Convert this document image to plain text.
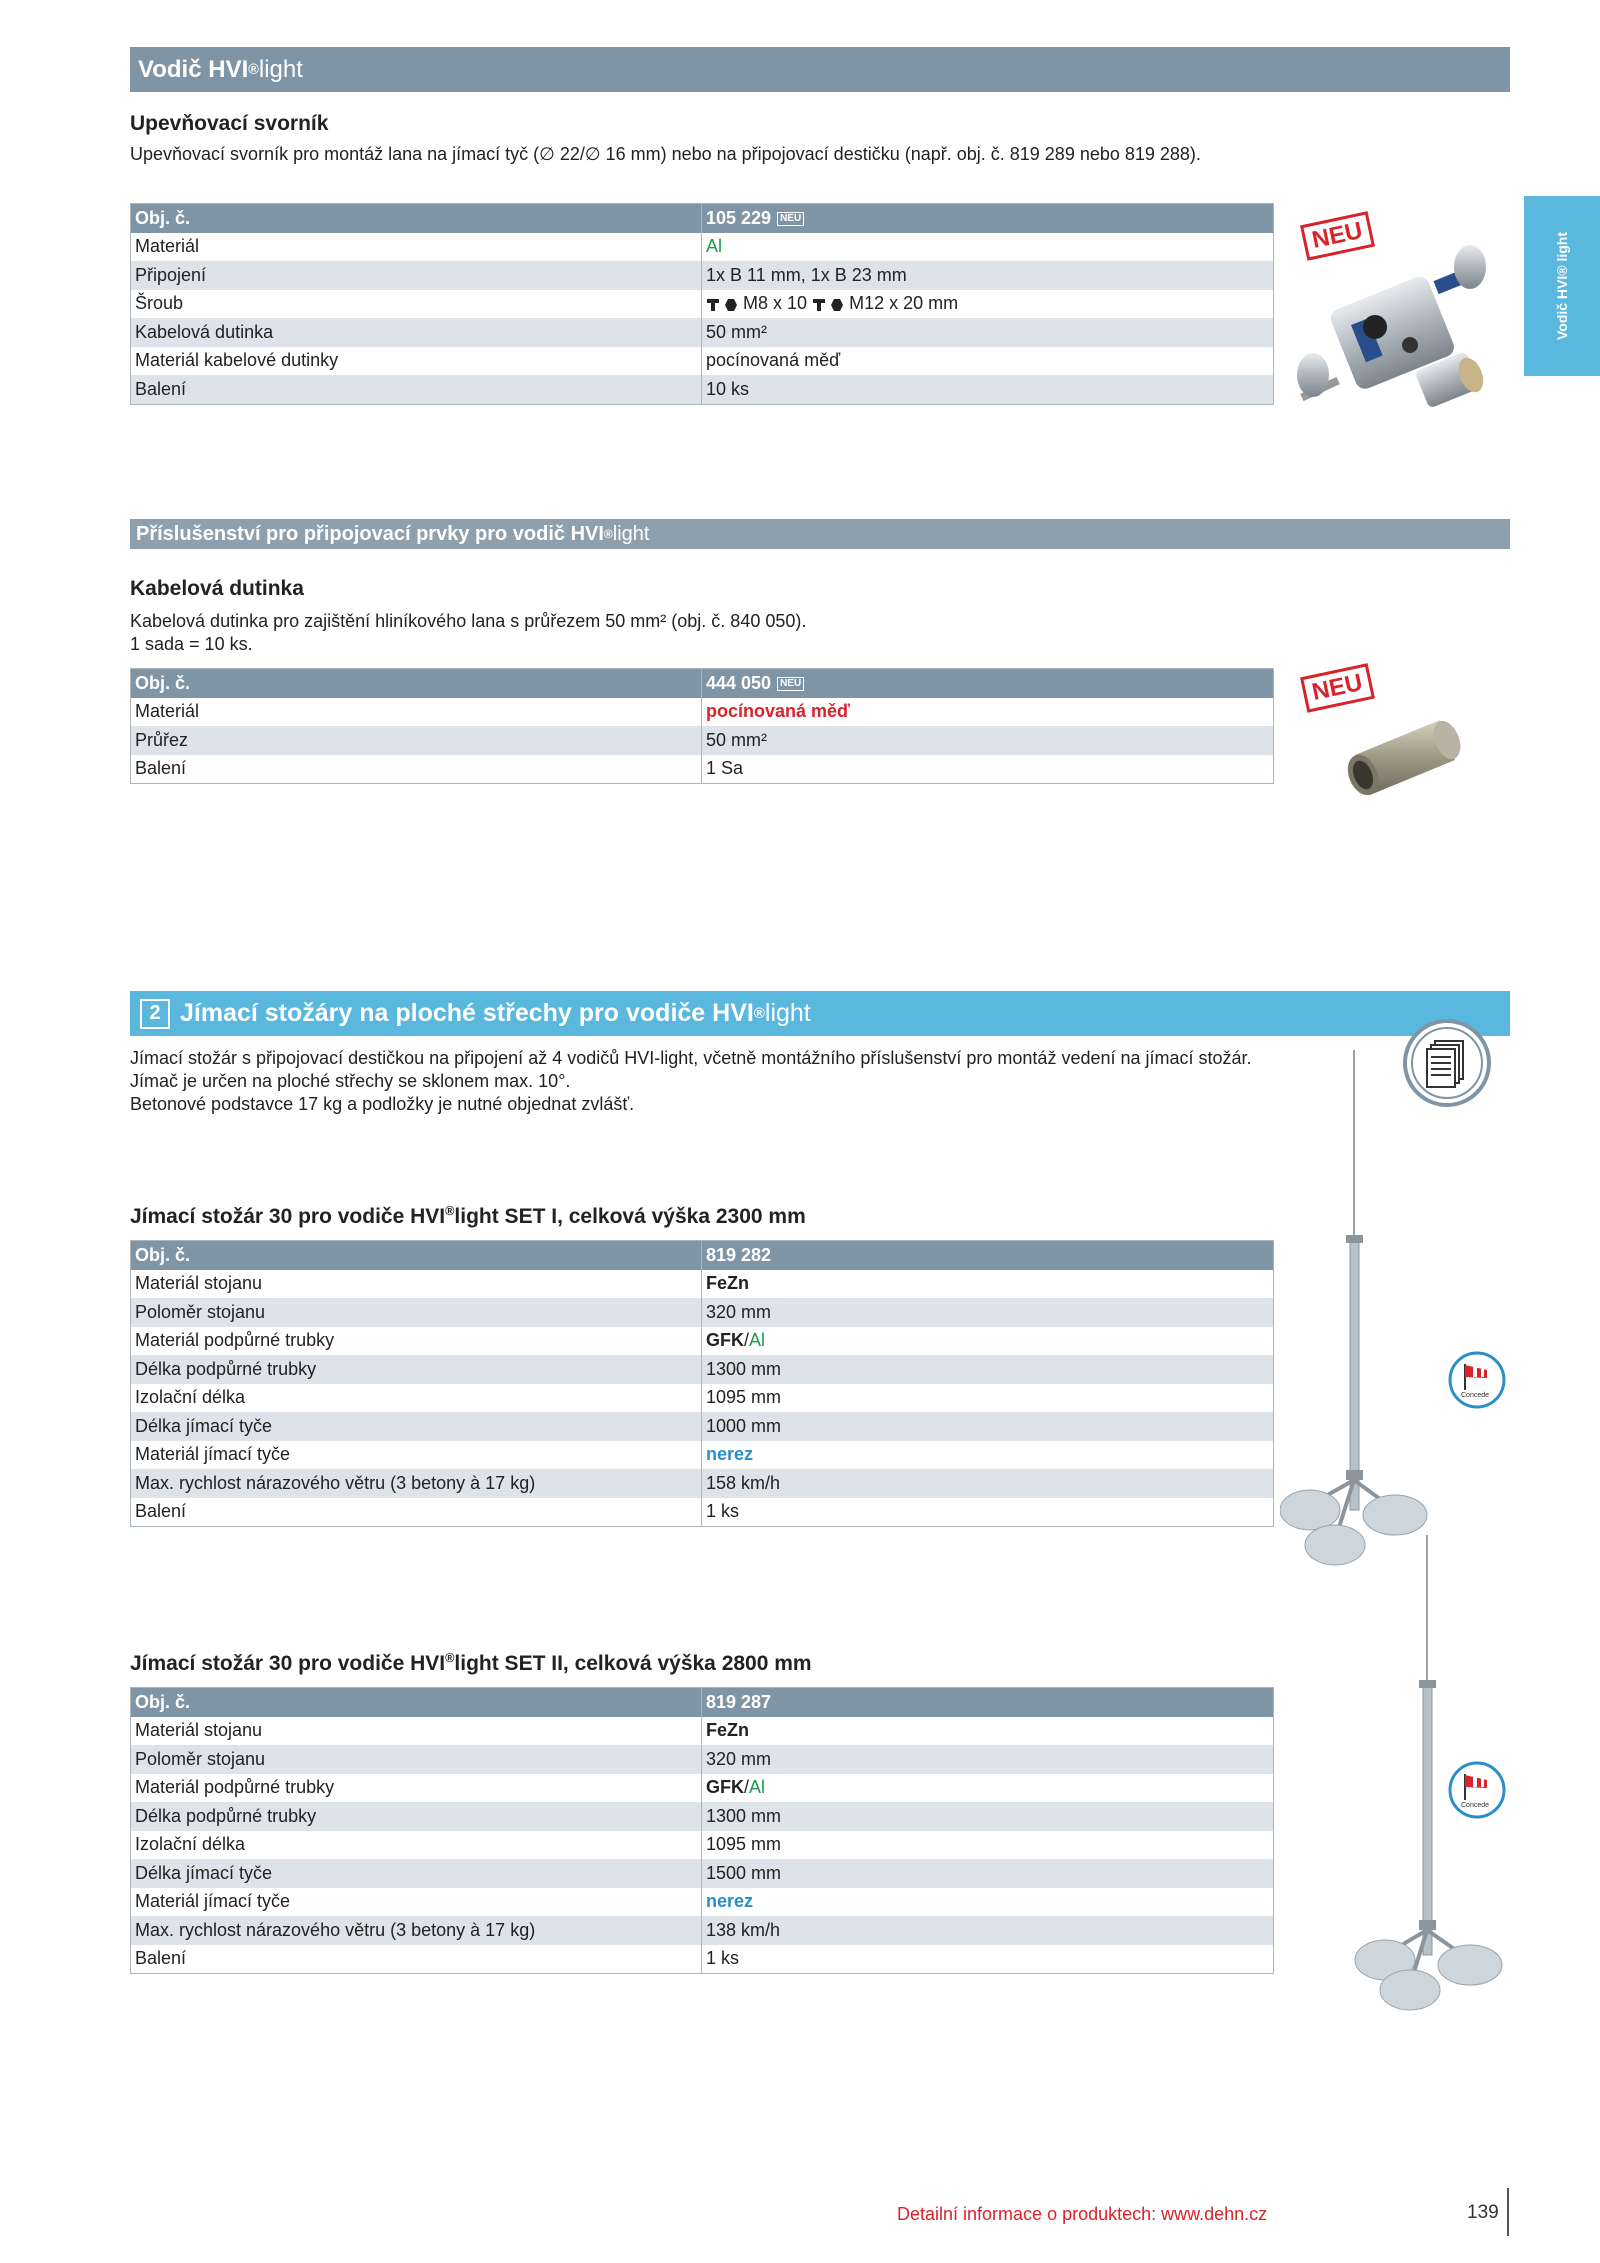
Vodič HVI ® light
Vodič HVI® light
Upevňovací svorník
Upevňovací svorník pro montáž lana na jímací tyč (∅ 22/∅ 16 mm) nebo na připojovací destičku (např. obj. č. 819 289 nebo 819 288).
Obj. č.	105 229 NEU
Materiál	Al
Připojení	1x B 11 mm, 1x B 23 mm
Šroub	M8 x 10 M12 x 20 mm
Kabelová dutinka	50 mm²
Materiál kabelové dutinky	pocínovaná měď
Balení	10 ks
NEU
Příslušenství pro připojovací prvky pro vodič HVI ® light
Kabelová dutinka
Kabelová dutinka pro zajištění hliníkového lana s průřezem 50 mm² (obj. č. 840 050).
1 sada = 10 ks.
Obj. č.	444 050 NEU
Materiál	pocínovaná měď
Průřez	50 mm²
Balení	1 Sa
NEU
2 Jímací stožáry na ploché střechy pro vodiče HVI ® light
Jímací stožár s připojovací destičkou na připojení až 4 vodičů HVI-light, včetně montážního příslušenství pro montáž vedení na jímací stožár.
Jímač je určen na ploché střechy se sklonem max. 10°.
Betonové podstavce 17 kg a podložky je nutné objednat zvlášť.
Jímací stožár 30 pro vodiče HVI®light SET I, celková výška 2300 mm
Obj. č.	819 282
Materiál stojanu	FeZn
Poloměr stojanu	320 mm
Materiál podpůrné trubky	GFK/Al
Délka podpůrné trubky	1300 mm
Izolační délka	1095 mm
Délka jímací tyče	1000 mm
Materiál jímací tyče	nerez
Max. rychlost nárazového větru (3 betony à 17 kg)	158 km/h
Balení	1 ks
Concede
Jímací stožár 30 pro vodiče HVI®light SET II, celková výška 2800 mm
Obj. č.	819 287
Materiál stojanu	FeZn
Poloměr stojanu	320 mm
Materiál podpůrné trubky	GFK/Al
Délka podpůrné trubky	1300 mm
Izolační délka	1095 mm
Délka jímací tyče	1500 mm
Materiál jímací tyče	nerez
Max. rychlost nárazového větru (3 betony à 17 kg)	138 km/h
Balení	1 ks
Concede
Detailní informace o produktech: www.dehn.cz	139
